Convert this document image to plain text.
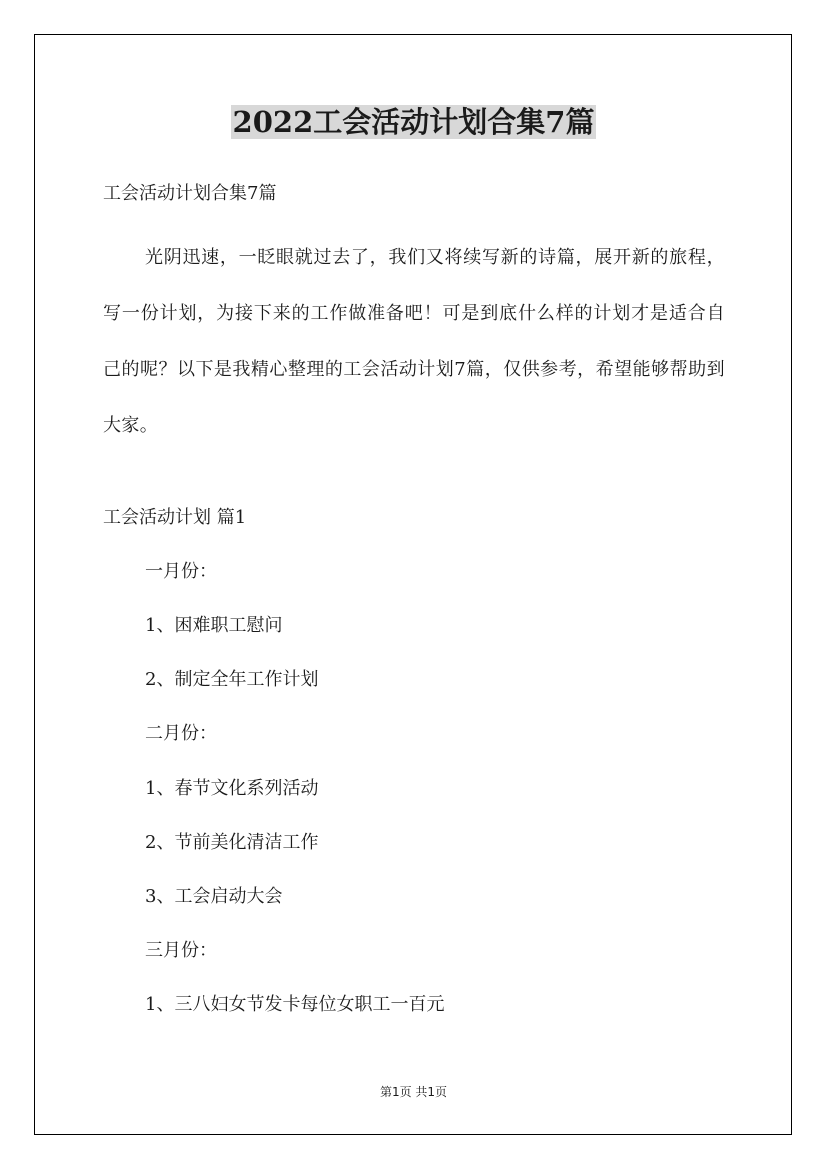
2022工会活动计划合集7篇
工会活动计划合集7篇
光阴迅速，一眨眼就过去了，我们又将续写新的诗篇，展开新的旅程，写一份计划，为接下来的工作做准备吧！可是到底什么样的计划才是适合自己的呢？以下是我精心整理的工会活动计划7篇，仅供参考，希望能够帮助到大家。
工会活动计划 篇1
一月份：
1、困难职工慰问
2、制定全年工作计划
二月份：
1、春节文化系列活动
2、节前美化清洁工作
3、工会启动大会
三月份：
1、三八妇女节发卡每位女职工一百元
第1页 共1页
